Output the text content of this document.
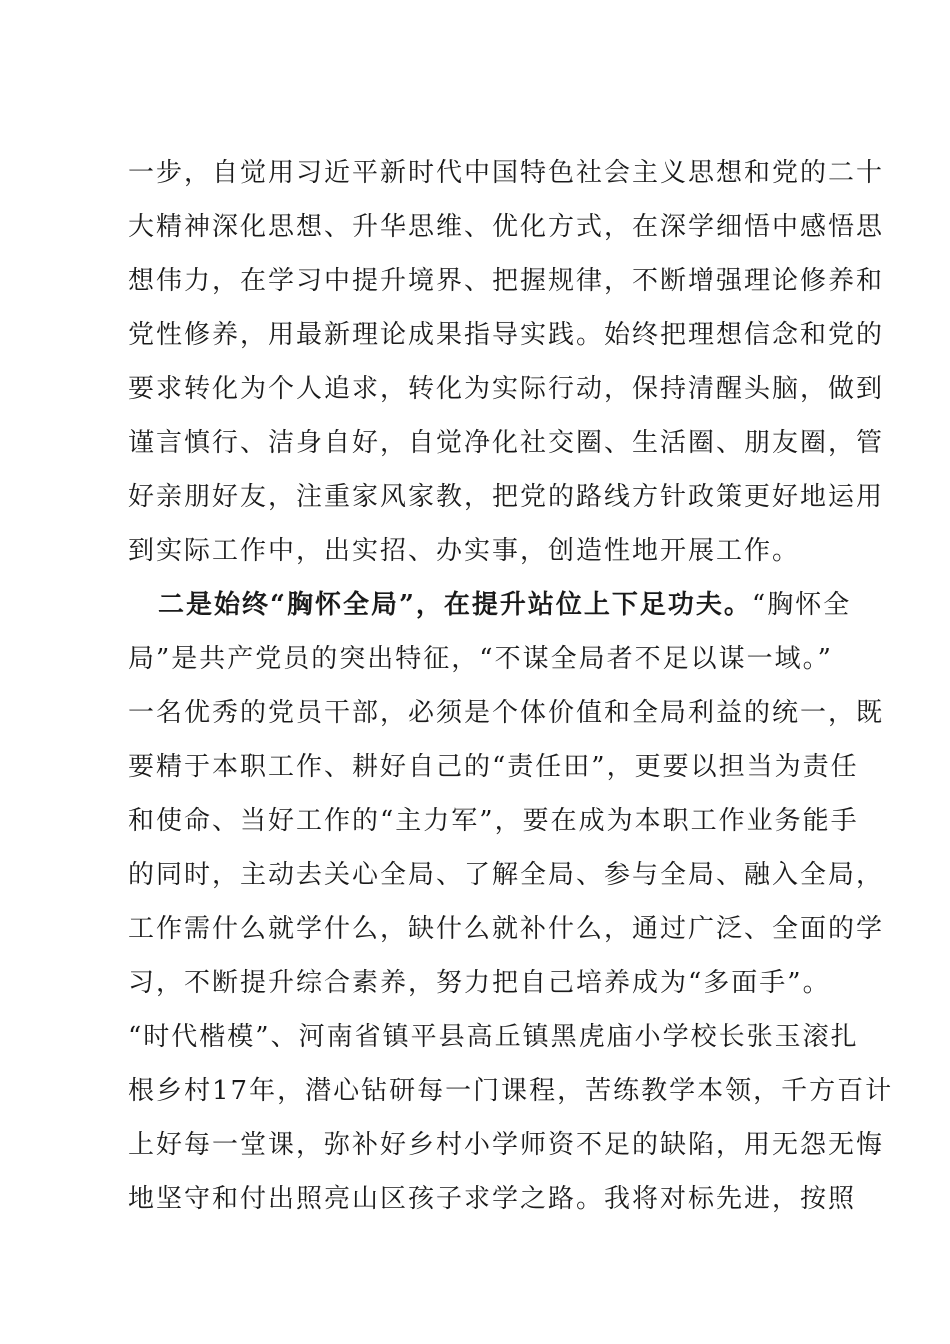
一步，自觉用习近平新时代中国特色社会主义思想和党的二十
大精神深化思想、升华思维、优化方式，在深学细悟中感悟思
想伟力，在学习中提升境界、把握规律，不断增强理论修养和
党性修养，用最新理论成果指导实践。始终把理想信念和党的
要求转化为个人追求，转化为实际行动，保持清醒头脑，做到
谨言慎行、洁身自好，自觉净化社交圈、生活圈、朋友圈，管
好亲朋好友，注重家风家教，把党的路线方针政策更好地运用
到实际工作中，出实招、办实事，创造性地开展工作。
二是始终“胸怀全局”，在提升站位上下足功夫。“胸怀全
局”是共产党员的突出特征，“不谋全局者不足以谋一域。”
一名优秀的党员干部，必须是个体价值和全局利益的统一，既
要精于本职工作、耕好自己的“责任田”，更要以担当为责任
和使命、当好工作的“主力军”，要在成为本职工作业务能手
的同时，主动去关心全局、了解全局、参与全局、融入全局，
工作需什么就学什么，缺什么就补什么，通过广泛、全面的学
习，不断提升综合素养，努力把自己培养成为“多面手”。
“时代楷模”、河南省镇平县高丘镇黑虎庙小学校长张玉滚扎
根乡村17年，潜心钻研每一门课程，苦练教学本领，千方百计
上好每一堂课，弥补好乡村小学师资不足的缺陷，用无怨无悔
地坚守和付出照亮山区孩子求学之路。我将对标先进，按照
